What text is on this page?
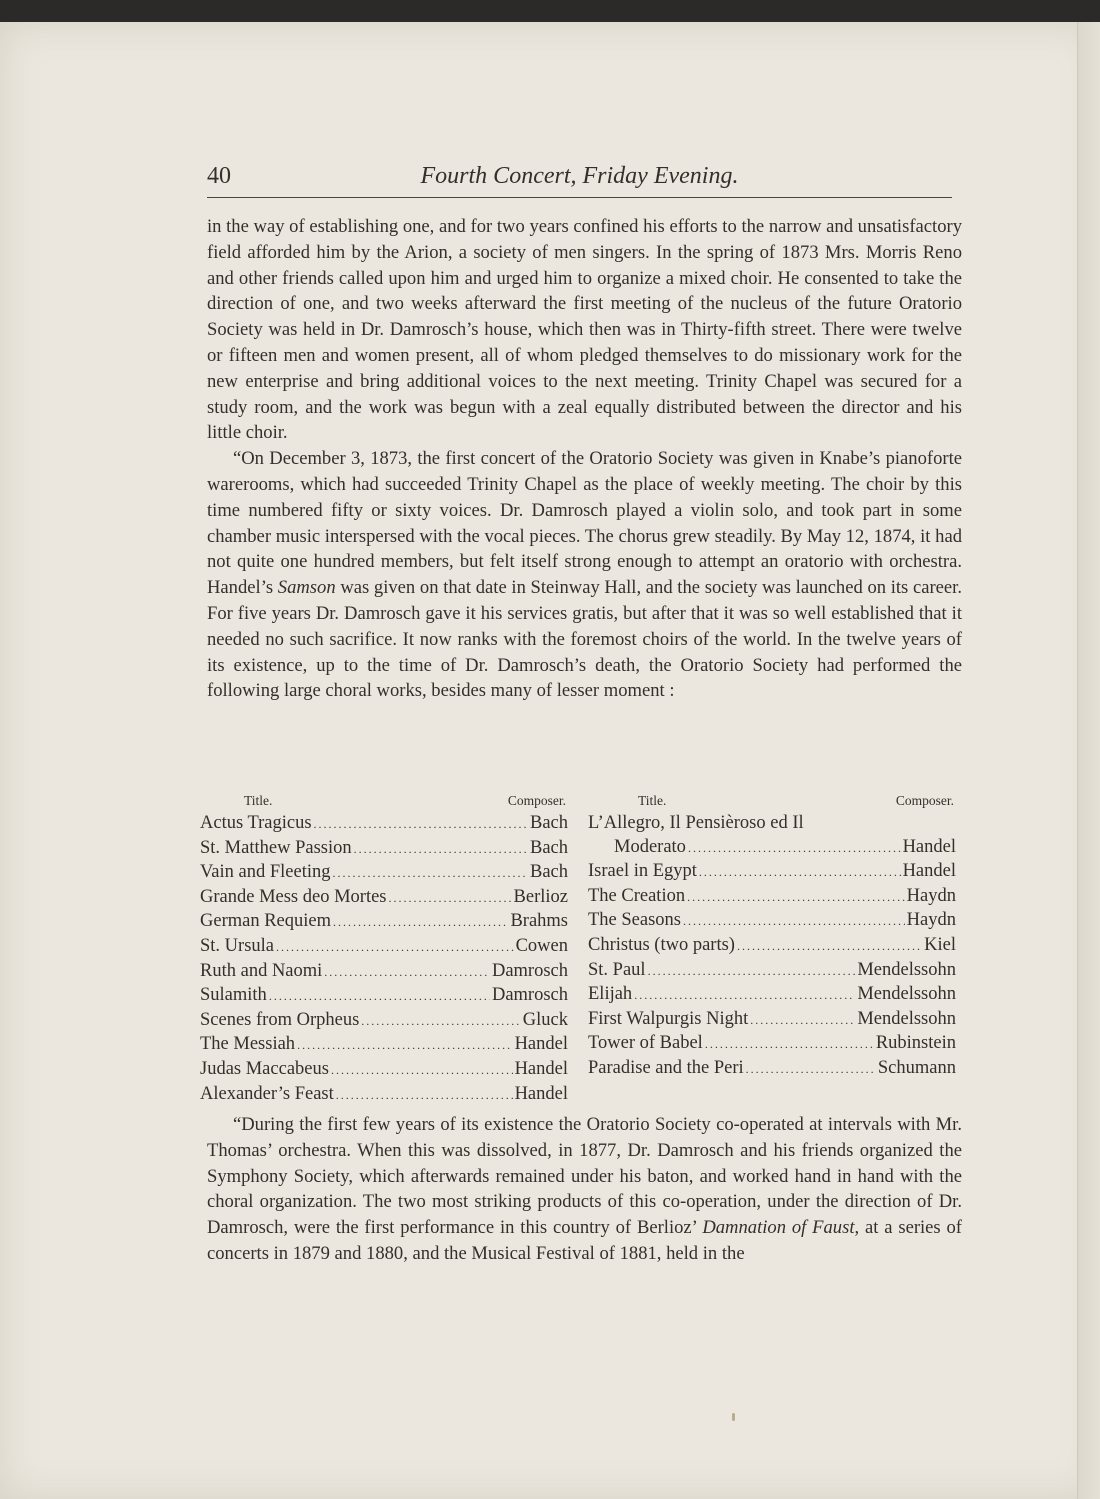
40	Fourth Concert, Friday Evening.

in the way of establishing one, and for two years confined his efforts to the narrow and unsatisfactory field afforded him by the Arion, a society of men singers. In the spring of 1873 Mrs. Morris Reno and other friends called upon him and urged him to organize a mixed choir. He consented to take the direction of one, and two weeks afterward the first meeting of the nucleus of the future Oratorio Society was held in Dr. Damrosch’s house, which then was in Thirty-fifth street. There were twelve or fifteen men and women present, all of whom pledged themselves to do missionary work for the new enterprise and bring additional voices to the next meeting. Trinity Chapel was secured for a study room, and the work was begun with a zeal equally distributed between the director and his little choir.

“On December 3, 1873, the first concert of the Oratorio Society was given in Knabe’s pianoforte warerooms, which had succeeded Trinity Chapel as the place of weekly meeting. The choir by this time numbered fifty or sixty voices. Dr. Damrosch played a violin solo, and took part in some chamber music interspersed with the vocal pieces. The chorus grew steadily. By May 12, 1874, it had not quite one hundred members, but felt itself strong enough to attempt an oratorio with orchestra. Handel’s Samson was given on that date in Steinway Hall, and the society was launched on its career. For five years Dr. Damrosch gave it his services gratis, but after that it was so well established that it needed no such sacrifice. It now ranks with the foremost choirs of the world. In the twelve years of its existence, up to the time of Dr. Damrosch’s death, the Oratorio Society had performed the following large choral works, besides many of lesser moment :

Title.	Composer.
Actus Tragicus .....	Bach
St. Matthew Passion .....	Bach
Vain and Fleeting .....	Bach
Grande Mess deo Mortes .....	Berlioz
German Requiem .....	Brahms
St. Ursula .....	Cowen
Ruth and Naomi .....	Damrosch
Sulamith .....	Damrosch
Scenes from Orpheus .....	Gluck
The Messiah .....	Handel
Judas Maccabeus .....	Handel
Alexander’s Feast .....	Handel
Title.	Composer.
L’Allegro, Il Pensièroso ed Il
Moderato .....	Handel
Israel in Egypt .....	Handel
The Creation .....	Haydn
The Seasons .....	Haydn
Christus (two parts) .....	Kiel
St. Paul .....	Mendelssohn
Elijah .....	Mendelssohn
First Walpurgis Night .....	Mendelssohn
Tower of Babel .....	Rubinstein
Paradise and the Peri .....	Schumann

“During the first few years of its existence the Oratorio Society co-operated at intervals with Mr. Thomas’ orchestra. When this was dissolved, in 1877, Dr. Damrosch and his friends organized the Symphony Society, which afterwards remained under his baton, and worked hand in hand with the choral organization. The two most striking products of this co-operation, under the direction of Dr. Damrosch, were the first performance in this country of Berlioz’ Damnation of Faust, at a series of concerts in 1879 and 1880, and the Musical Festival of 1881, held in the
